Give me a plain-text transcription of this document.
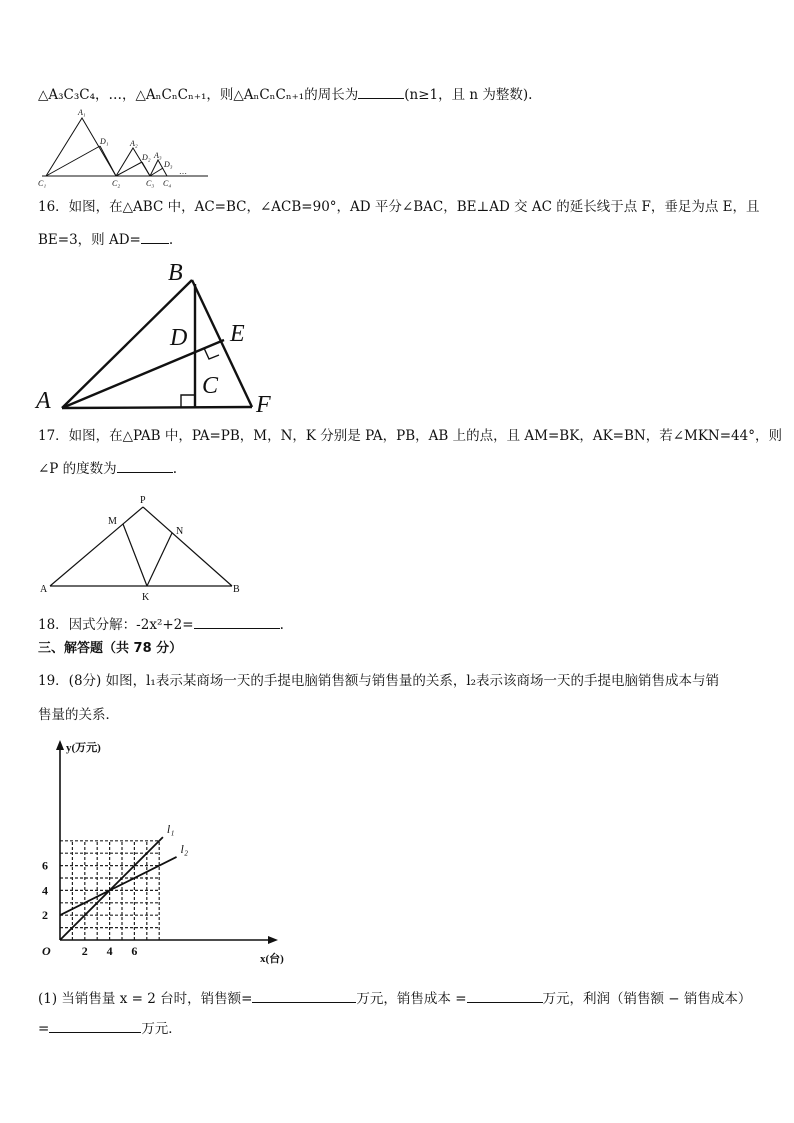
△A₃C₃C₄，…，△AₙCₙCₙ₊₁，则△AₙCₙCₙ₊₁的周长为	(n≥1，且 n 为整数).
A₁
D₁	A₂
D₂ A₃
D₃
C₁	C₂	C₃ C₄
…
16．如图，在△ABC 中，AC=BC，∠ACB=90°，AD 平分∠BAC，BE⊥AD 交 AC 的延长线于点 F，垂足为点 E，且
BE=3，则 AD= .
B
D E
C
A	F
17．如图，在△PAB 中，PA=PB，M，N，K 分别是 PA，PB，AB 上的点，且 AM=BK，AK=BN，若∠MKN=44°，则
∠P 的度数为	.
P
M
N
A	B
K
18．因式分解：-2x²+2=	.
三、解答题（共 78 分）
19．(8分) 如图，l₁表示某商场一天的手提电脑销售额与销售量的关系，l₂表示该商场一天的手提电脑销售成本与销
售量的关系．
l₁
l₂
2 4 6
2
4
6
O
y(万元)
x(台)
(1) 当销售量 x = 2 台时，销售额=	万元，销售成本 =	万元，利润（销售额 − 销售成本）
=	万元．
